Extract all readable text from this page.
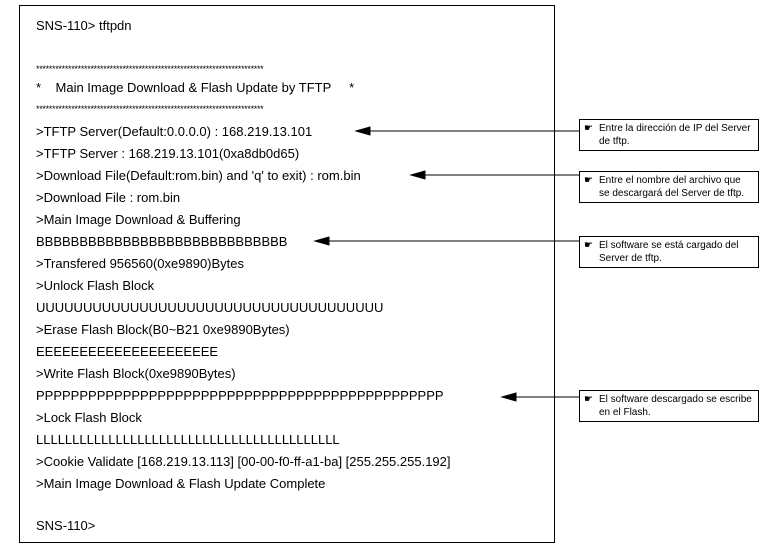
SNS-110> tftpdn
***********************************************************************
*    Main Image Download & Flash Update by TFTP     *
***********************************************************************
>TFTP Server(Default:0.0.0.0) : 168.219.13.101
>TFTP Server : 168.219.13.101(0xa8db0d65)
>Download File(Default:rom.bin) and 'q' to exit) : rom.bin
>Download File : rom.bin
>Main Image Download & Buffering
BBBBBBBBBBBBBBBBBBBBBBBBBBBBB
>Transfered 956560(0xe9890)Bytes
>Unlock Flash Block
UUUUUUUUUUUUUUUUUUUUUUUUUUUUUUUUUUUUU
>Erase Flash Block(B0~B21 0xe9890Bytes)
EEEEEEEEEEEEEEEEEEEEE
>Write Flash Block(0xe9890Bytes)
PPPPPPPPPPPPPPPPPPPPPPPPPPPPPPPPPPPPPPPPPPPPPPP
>Lock Flash Block
LLLLLLLLLLLLLLLLLLLLLLLLLLLLLLLLLLLLLLLLLL
>Cookie Validate [168.219.13.113] [00-00-f0-ff-a1-ba] [255.255.255.192]
>Main Image Download & Flash Update Complete
SNS-110>
☛ Entre la dirección de IP del Server de tftp.
☛ Entre el nombre del archivo que se descargará del Server de tftp.
☛ El software se está cargado del Server de tftp.
☛ El software descargado se escribe en el Flash.
